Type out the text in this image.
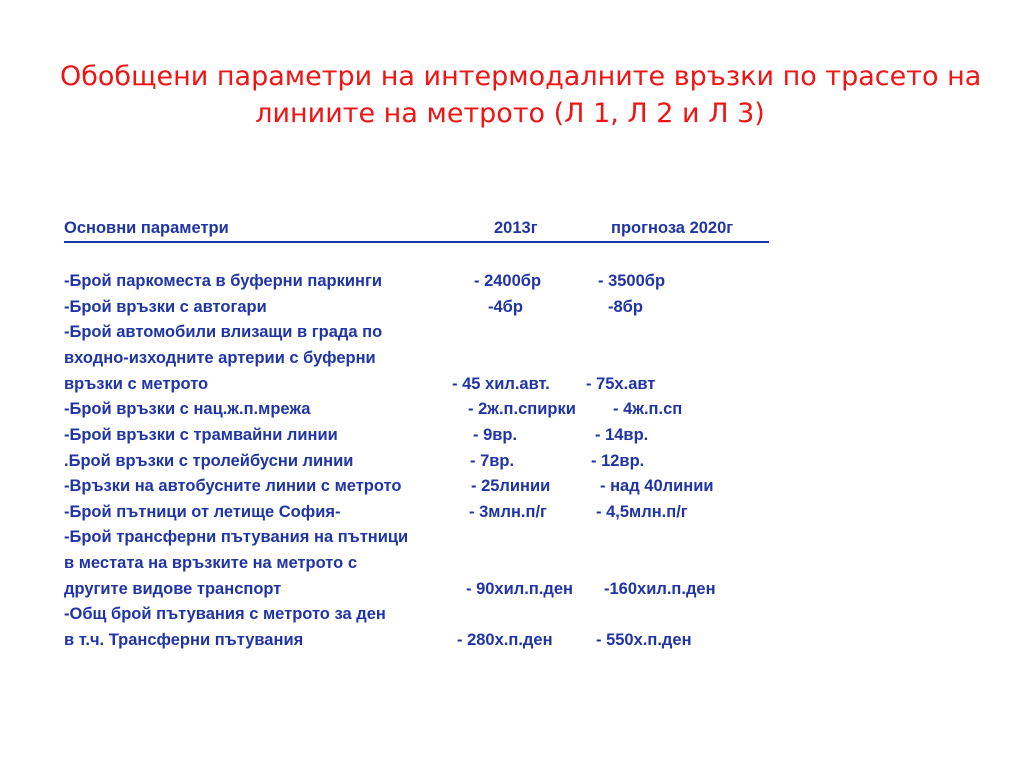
Обобщени параметри на интермодалните връзки по трасето на
линиите на метрото (Л 1, Л 2 и Л 3)
Основни параметри	2013г	прогноза 2020г
-Брой паркоместа в буферни паркинги	- 2400бр	- 3500бр
-Брой връзки с автогари	-4бр	-8бр
-Брой автомобили влизащи в града по
входно-изходните артерии с буферни
връзки с метрото	- 45 хил.авт. - 75х.авт
-Брой връзки с нац.ж.п.мрежа	- 2ж.п.спирки - 4ж.п.сп
-Брой връзки с трамвайни линии	- 9вр.	- 14вр.
.Брой връзки с тролейбусни линии	- 7вр.	- 12вр.
-Връзки на автобусните линии с метрото	- 25линии	- над 40линии
-Брой пътници от летище София-	- 3млн.п/г	- 4,5млн.п/г
-Брой трансферни пътувания на пътници
в местата на връзките на метрото с
другите видове транспорт	- 90хил.п.ден -160хил.п.ден
-Общ брой пътувания с метрото за ден
в т.ч. Трансферни пътувания	- 280х.п.ден	- 550х.п.ден
